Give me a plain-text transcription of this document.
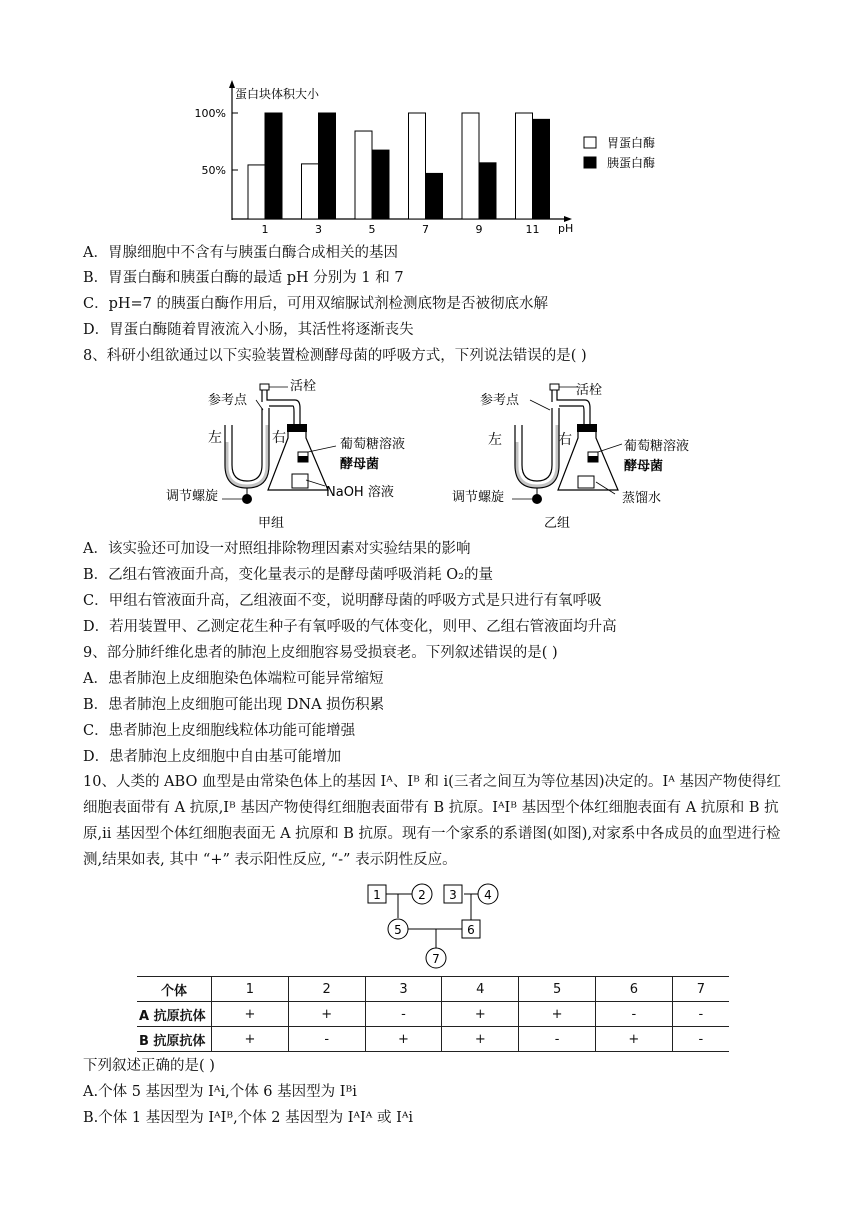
蛋白块体积大小
100%
50%
pH
1	3	5	7	9	11
胃蛋白酶
胰蛋白酶
A．胃腺细胞中不含有与胰蛋白酶合成相关的基因
B．胃蛋白酶和胰蛋白酶的最适 pH 分别为 1 和 7
C．pH=7 的胰蛋白酶作用后，可用双缩脲试剂检测底物是否被彻底水解
D．胃蛋白酶随着胃液流入小肠，其活性将逐渐丧失
8、科研小组欲通过以下实验装置检测酵母菌的呼吸方式，下列说法错误的是( )
活栓
参考点
左	右	葡萄糖溶液
酵母菌
调节螺旋	NaOH 溶液
甲组
活栓
参考点
左	右	葡萄糖溶液
酵母菌
调节螺旋	蒸馏水
乙组
A．该实验还可加设一对照组排除物理因素对实验结果的影响
B．乙组右管液面升高，变化量表示的是酵母菌呼吸消耗 O₂的量
C．甲组右管液面升高，乙组液面不变，说明酵母菌的呼吸方式是只进行有氧呼吸
D．若用装置甲、乙测定花生种子有氧呼吸的气体变化，则甲、乙组右管液面均升高
9、部分肺纤维化患者的肺泡上皮细胞容易受损衰老。下列叙述错误的是( )
A．患者肺泡上皮细胞染色体端粒可能异常缩短
B．患者肺泡上皮细胞可能出现 DNA 损伤积累
C．患者肺泡上皮细胞线粒体功能可能增强
D．患者肺泡上皮细胞中自由基可能增加
10、人类的 ABO 血型是由常染色体上的基因 Iᴬ、Iᴮ 和 i(三者之间互为等位基因)决定的。Iᴬ 基因产物使得红细胞表面带有 A 抗原,Iᴮ 基因产物使得红细胞表面带有 B 抗原。IᴬIᴮ 基因型个体红细胞表面有 A 抗原和 B 抗原,ii 基因型个体红细胞表面无 A 抗原和 B 抗原。现有一个家系的系谱图(如图),对家系中各成员的血型进行检测,结果如表, 其中 “+” 表示阳性反应, “-” 表示阴性反应。
1	2 3 4
5	6
7
个体	1	2	3	4	5	6	7
A 抗原抗体	+	+	-	+	+	-	-
B 抗原抗体	+	-	+	+	-	+	-
下列叙述正确的是( )
A.个体 5 基因型为 Iᴬi,个体 6 基因型为 Iᴮi
B.个体 1 基因型为 IᴬIᴮ,个体 2 基因型为 IᴬIᴬ 或 Iᴬi
